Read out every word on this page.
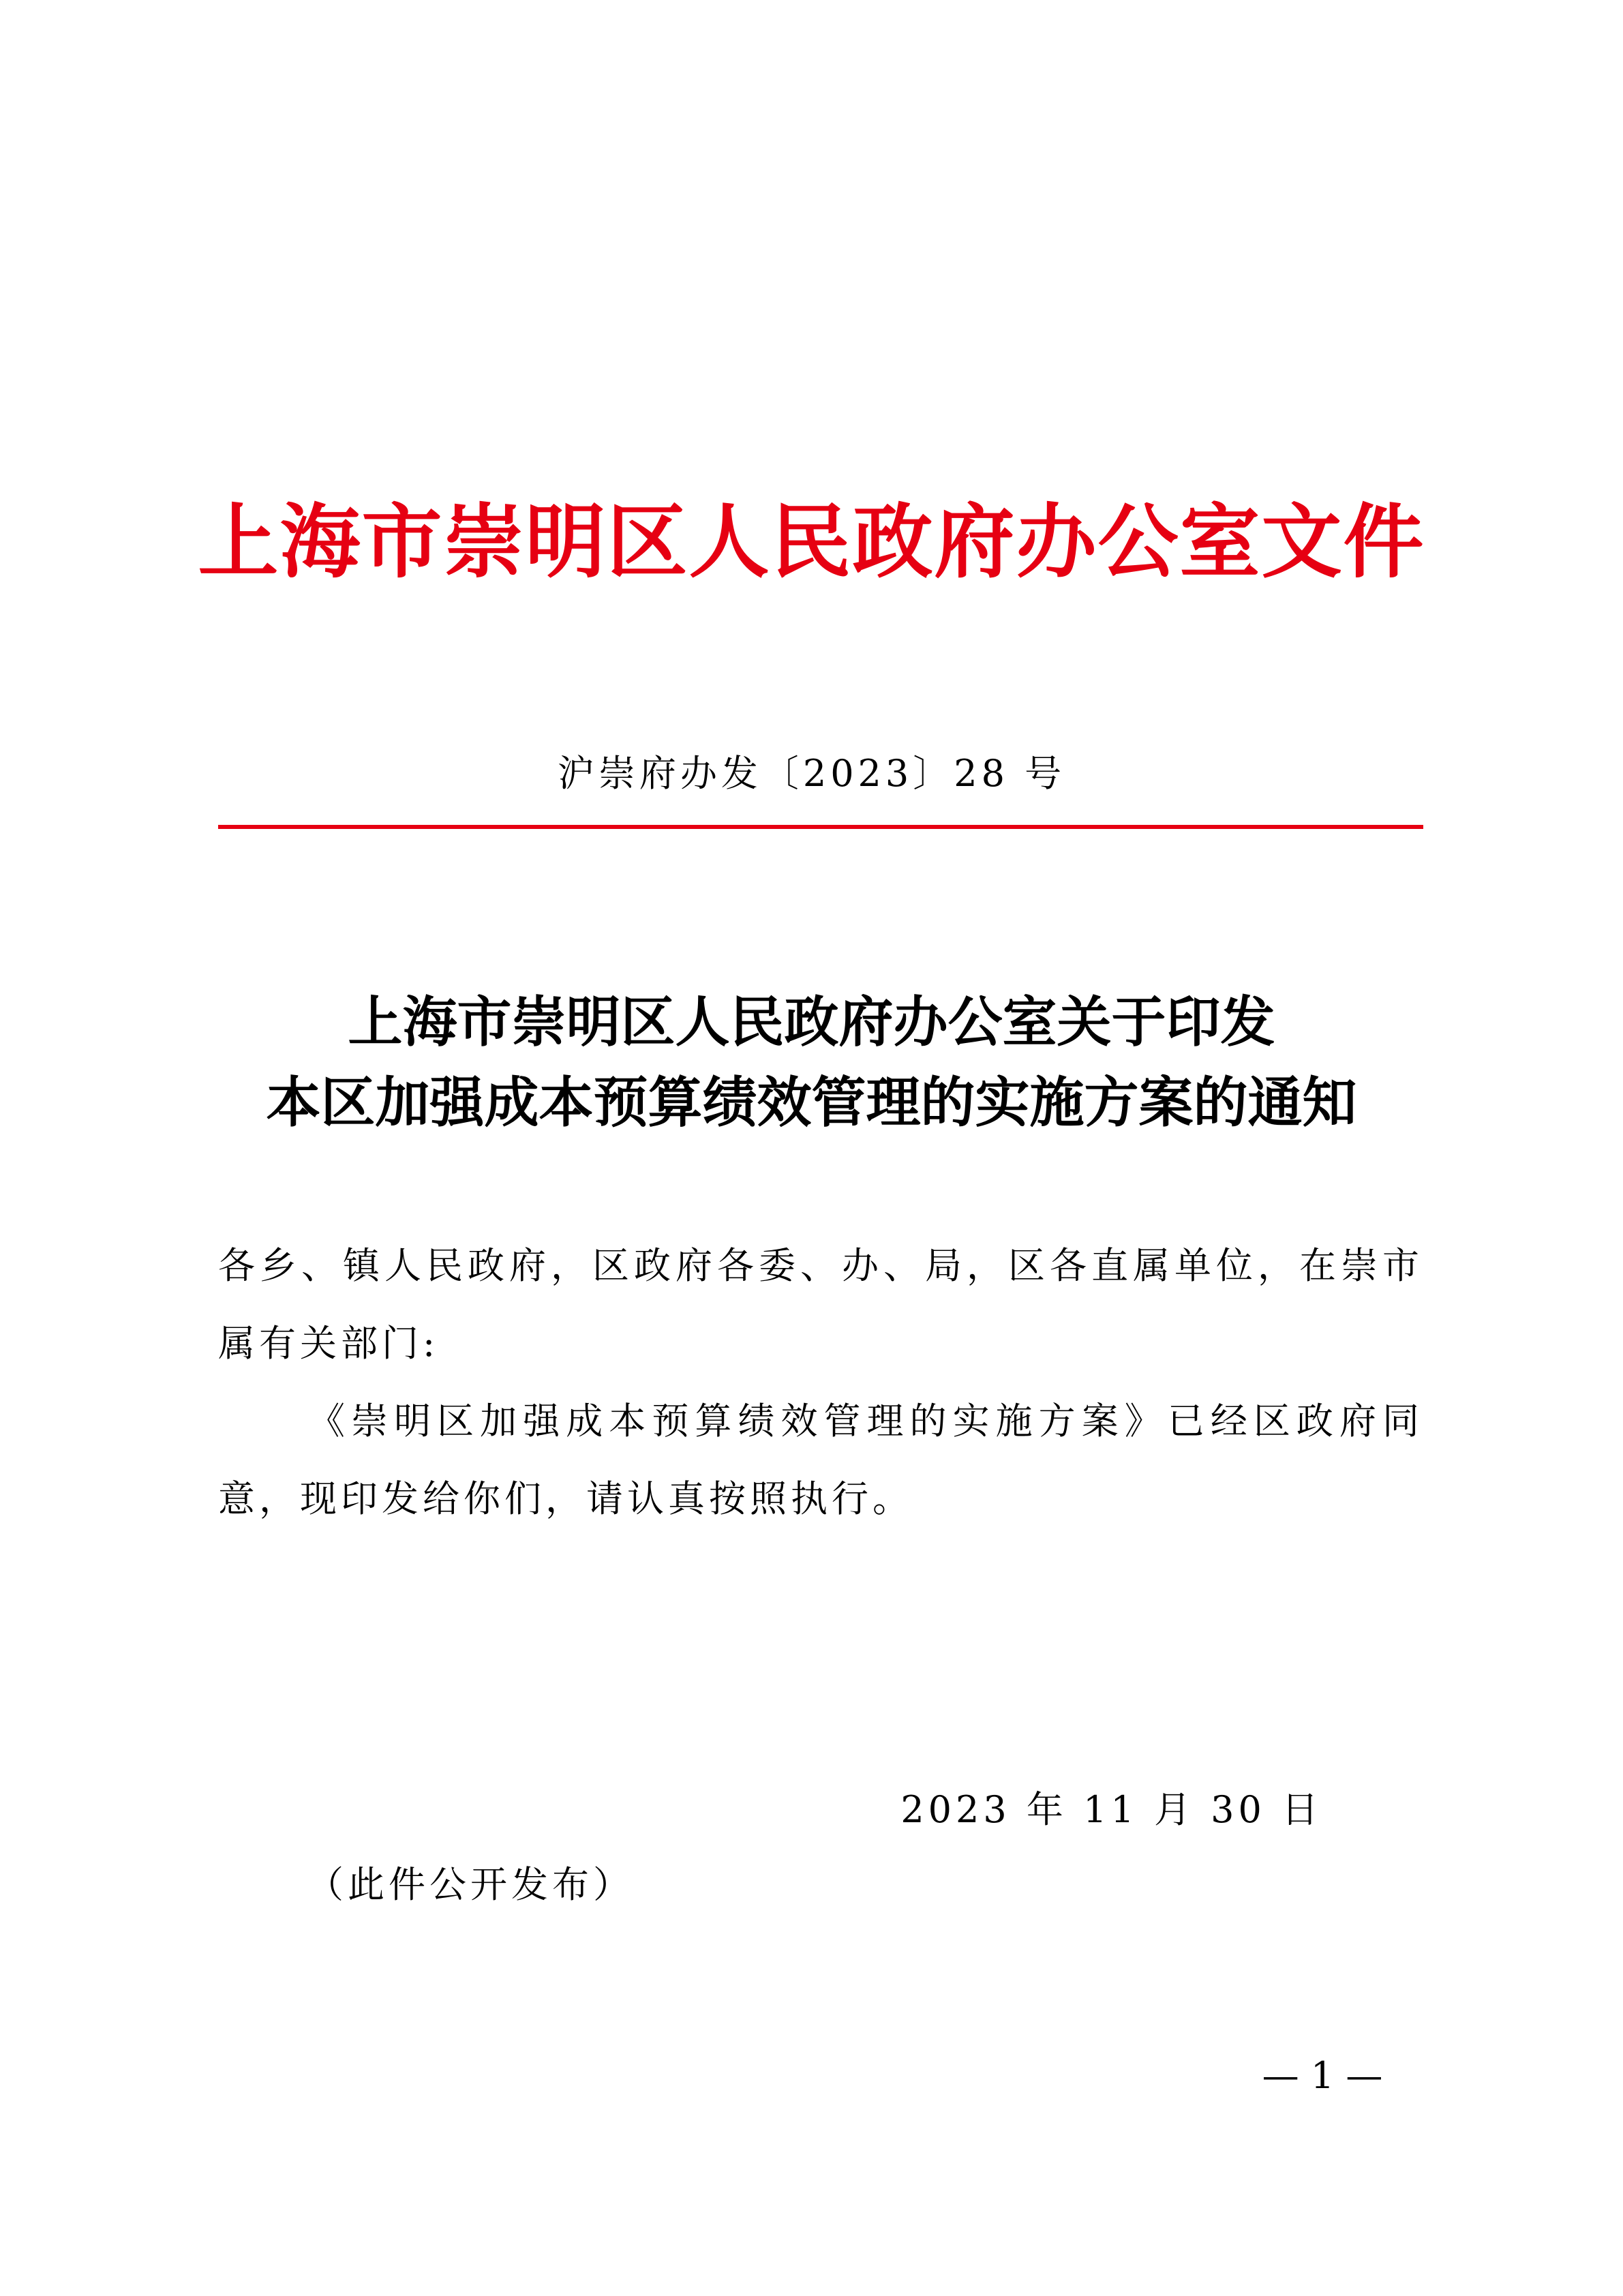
上海市崇明区人民政府办公室文件
沪崇府办发〔2023〕28 号
上海市崇明区人民政府办公室关于印发
本区加强成本预算绩效管理的实施方案的通知
各乡、镇人民政府，区政府各委、办、局，区各直属单位，在崇市属有关部门:
《崇明区加强成本预算绩效管理的实施方案》已经区政府同意，现印发给你们，请认真按照执行。
2023 年 11 月 30 日
（此件公开发布）
— 1 —
